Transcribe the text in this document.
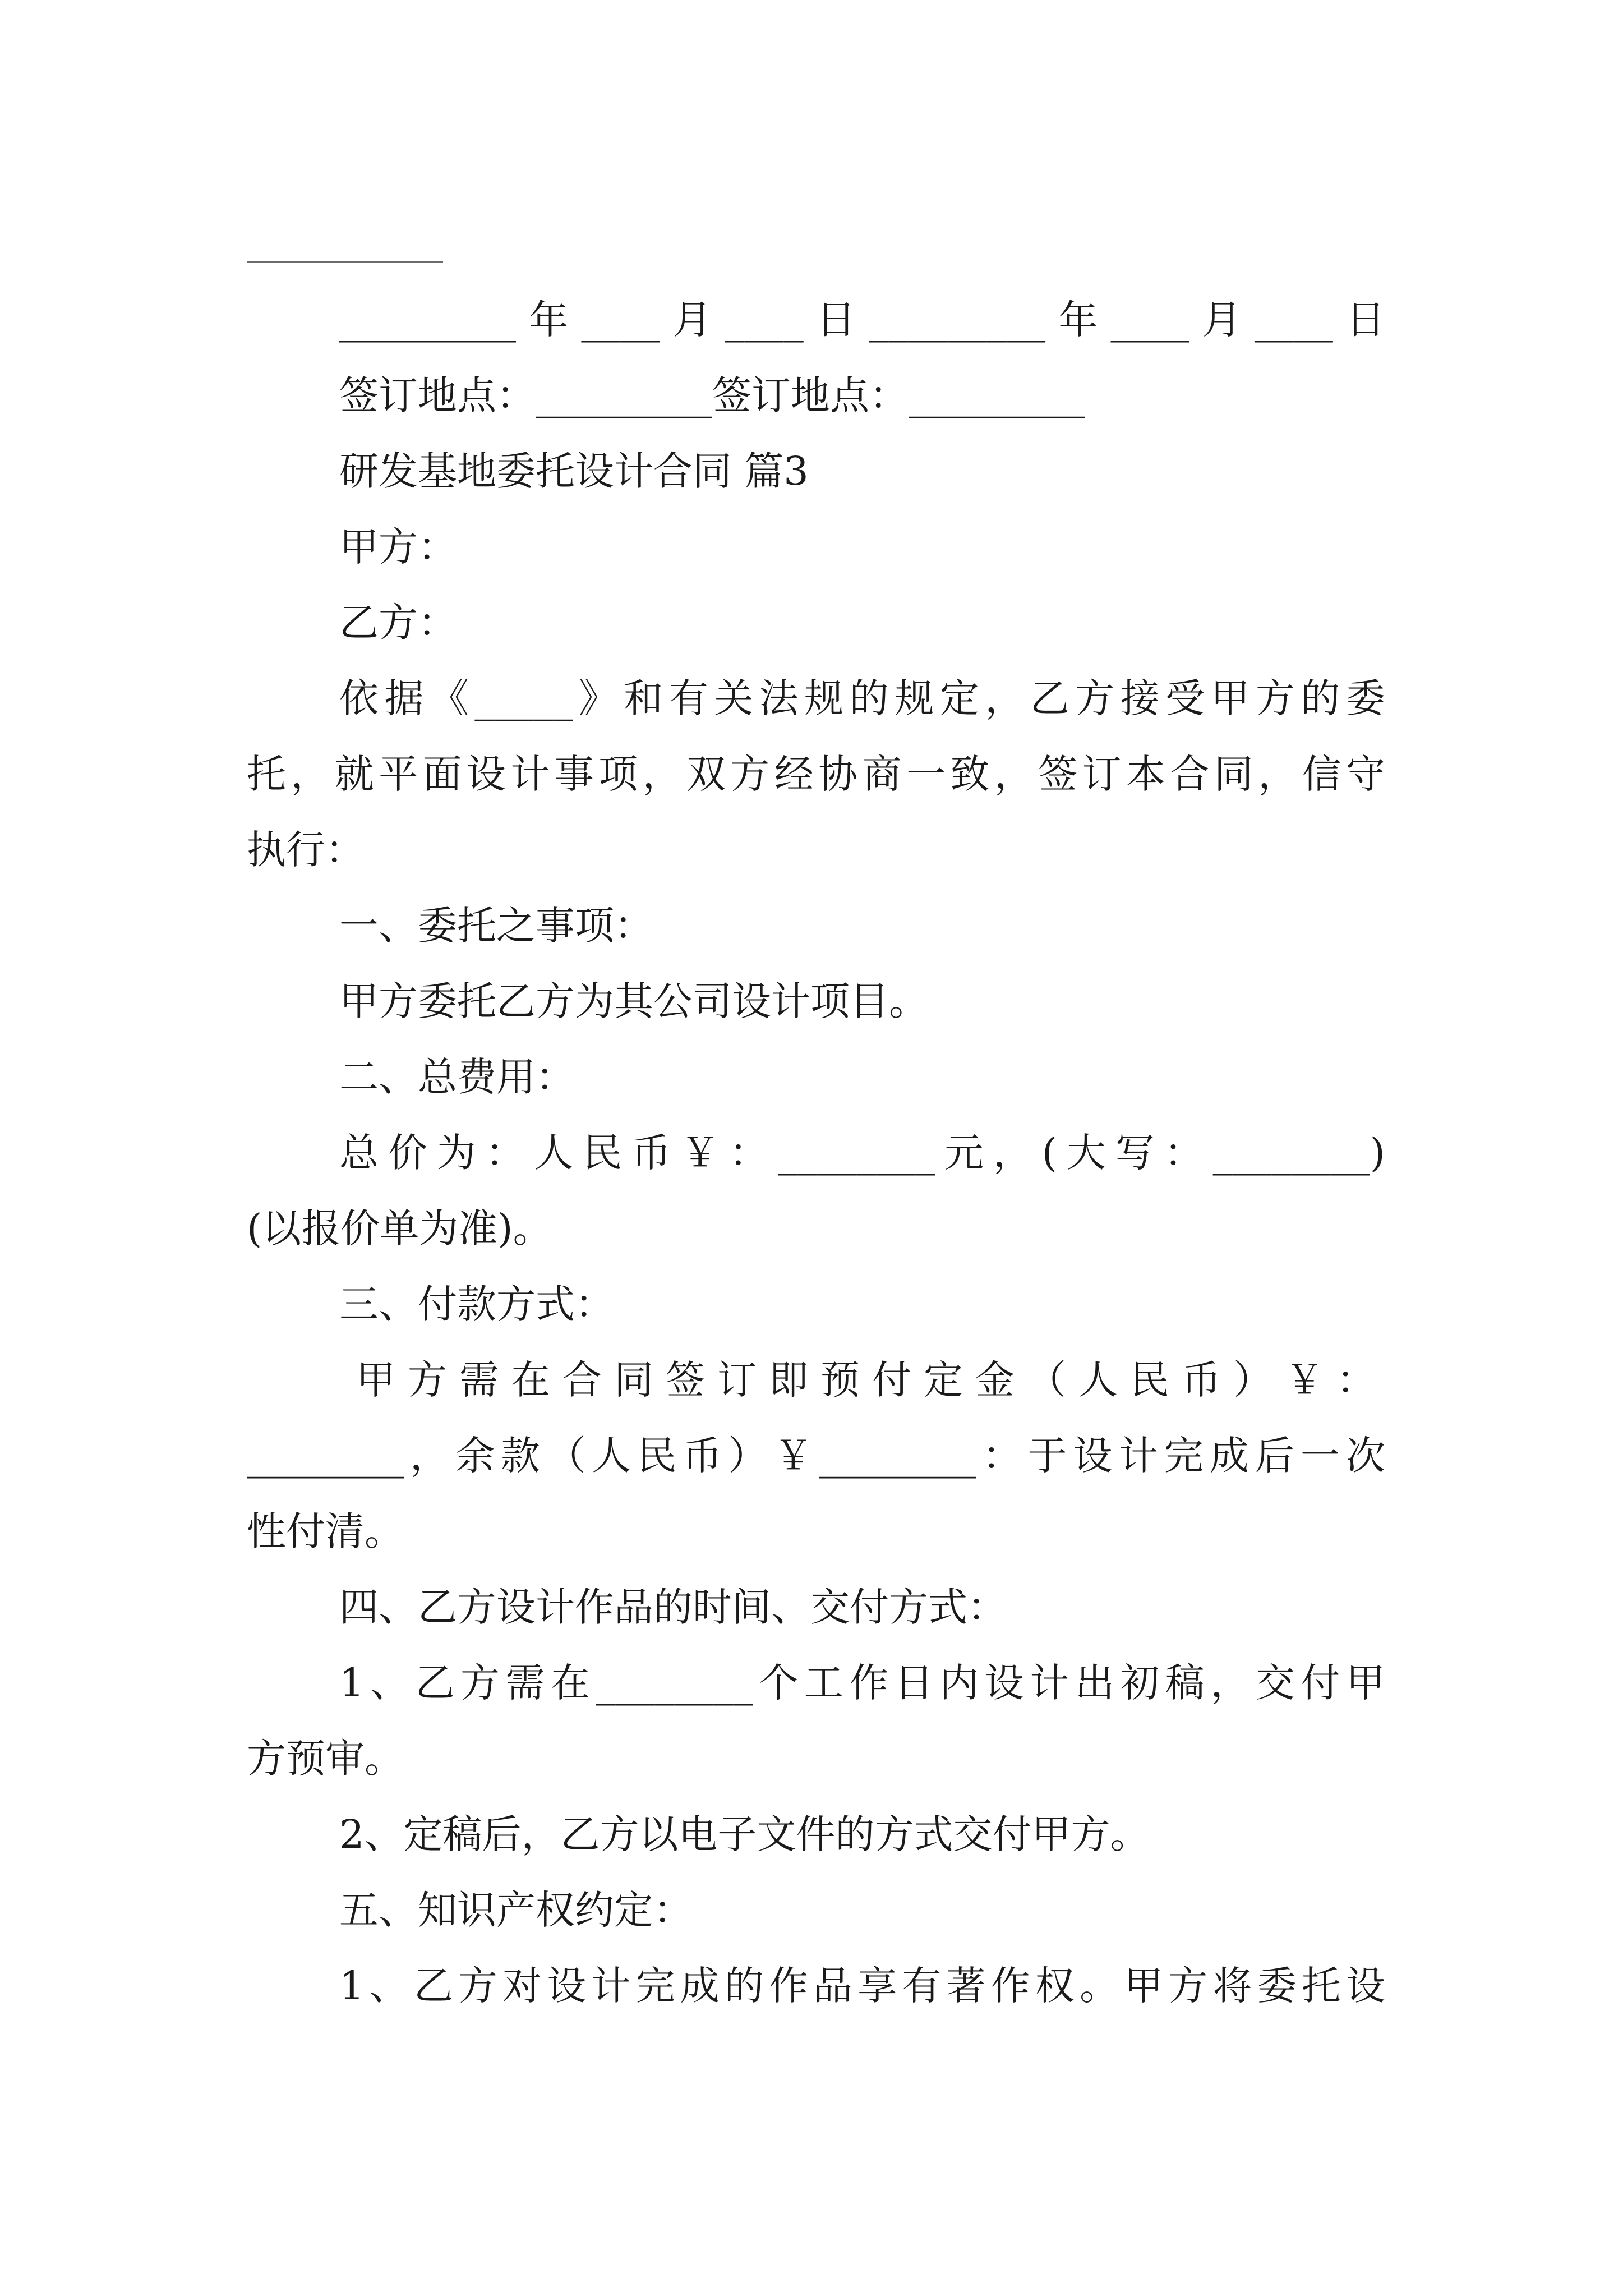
_________年____月____日_________年____月____日
签订地点：_________签订地点：_________
研发基地委托设计合同 篇3
甲方：
乙方：
依据《_____》和有关法规的规定，乙方接受甲方的委
托，就平面设计事项，双方经协商一致，签订本合同，信守
执行：
一、委托之事项：
甲方委托乙方为其公司设计项目。
二、总费用：
总价为：人民币￥：________元，(大写：________)
(以报价单为准)。
三、付款方式：
甲方需在合同签订即预付定金（人民币）￥：
________，余款（人民币）￥________：于设计完成后一次
性付清。
四、乙方设计作品的时间、交付方式：
1、乙方需在________个工作日内设计出初稿，交付甲
方预审。
2、定稿后，乙方以电子文件的方式交付甲方。
五、知识产权约定：
1、乙方对设计完成的作品享有著作权。甲方将委托设
